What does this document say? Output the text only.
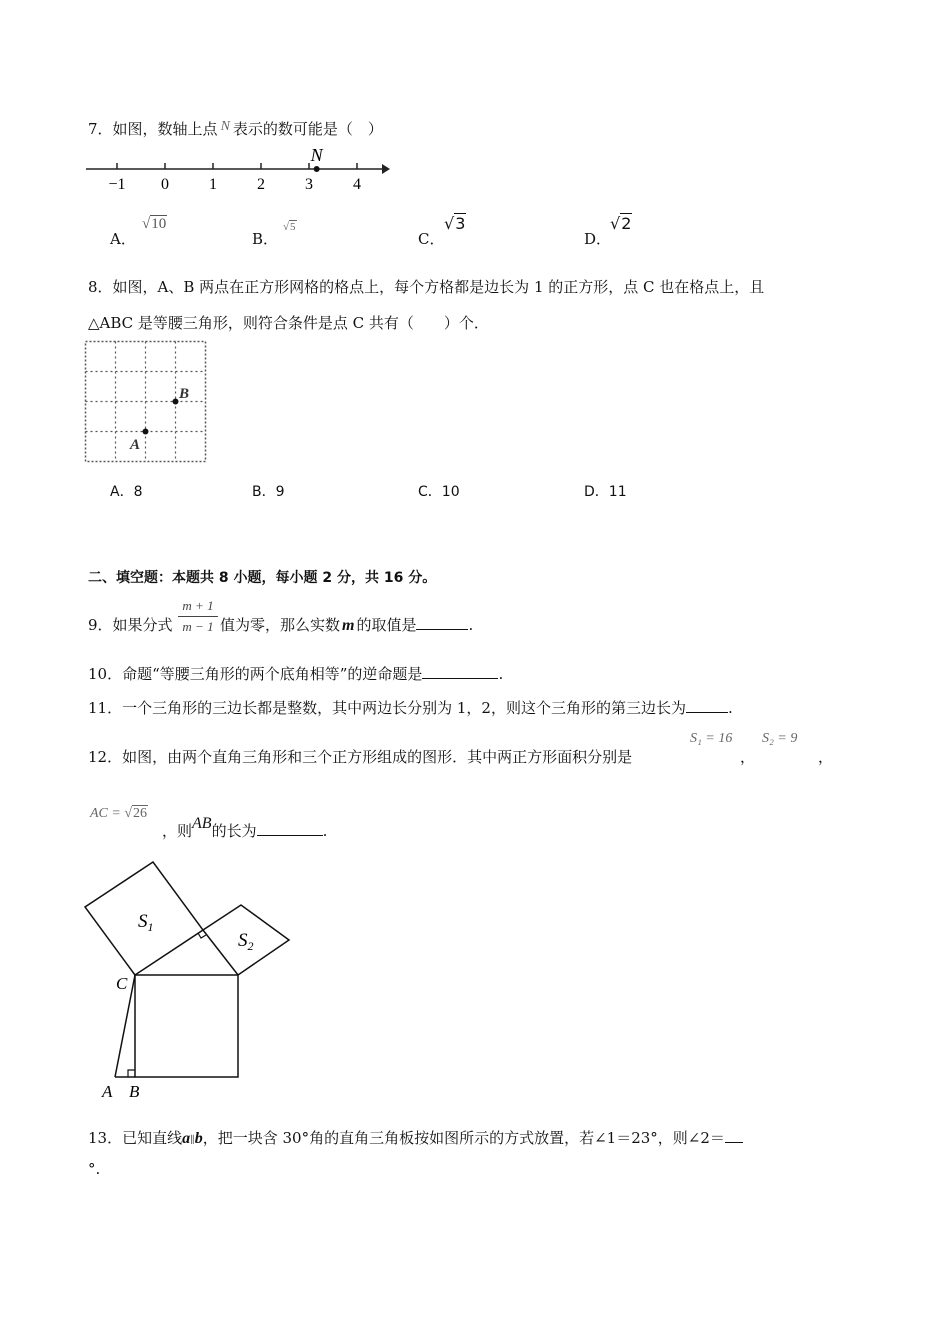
7．如图，数轴上点 N 表示的数可能是（　）
−1 0	1	2	3	4
N
A．
√10
B．
√5
C．
√3
D．
√2
8．如图，A、B 两点在正方形网格的格点上，每个方格都是边长为 1 的正方形，点 C 也在格点上，且
△ABC 是等腰三角形，则符合条件是点 C 共有（　　）个．
B
A
A．8	B．9	C．10	D．11
二、填空题：本题共 8 小题，每小题 2 分，共 16 分。
9．如果分式
m + 1
m − 1 值为零，那么实数 m 的取值是	.
10．命题“等腰三角形的两个底角相等”的逆命题是	.
11．一个三角形的三边长都是整数，其中两边长分别为 1，2，则这个三角形的第三边长为	.
12．如图，由两个直角三角形和三个正方形组成的图形．其中两正方形面积分别是
S₁ = 16
，
S₂ = 9
，
AC = √26
，则AB的长为	.
$S_1$
$S_2$
C
A B
13．已知直线a∥b，把一块含 30°角的直角三角板按如图所示的方式放置，若∠1＝23°，则∠2＝
°.
